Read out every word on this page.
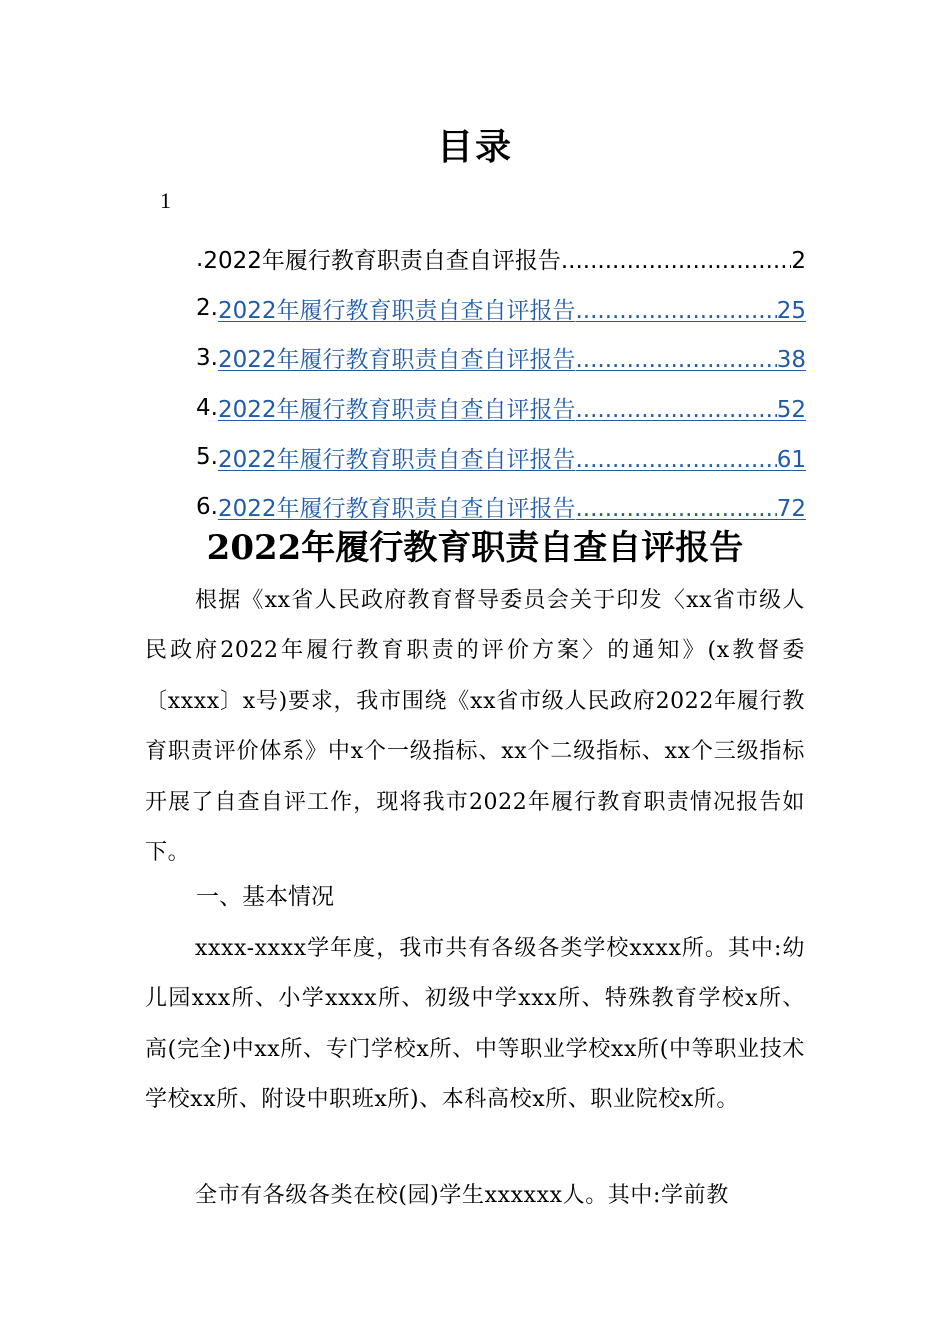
目录
1
. 2022年履行教育职责自查自评报告 .....	2
2. 2022年履行教育职责自查自评报告 .....	25
3. 2022年履行教育职责自查自评报告 .....	38
4. 2022年履行教育职责自查自评报告 .....	52
5. 2022年履行教育职责自查自评报告 .....	61
6. 2022年履行教育职责自查自评报告 .....	72
2022年履行教育职责自查自评报告

根据《xx省人民政府教育督导委员会关于印发〈xx省市级人民政府2022年履行教育职责的评价方案〉的通知》(x教督委〔xxxx〕x号)要求，我市围绕《xx省市级人民政府2022年履行教育职责评价体系》中x个一级指标、xx个二级指标、xx个三级指标开展了自查自评工作，现将我市2022年履行教育职责情况报告如下。

一、基本情况

xxxx-xxxx学年度，我市共有各级各类学校xxxx所。其中:幼儿园xxx所、小学xxxx所、初级中学xxx所、特殊教育学校x所、高(完全)中xx所、专门学校x所、中等职业学校xx所(中等职业技术学校xx所、附设中职班x所)、本科高校x所、职业院校x所。

全市有各级各类在校(园)学生xxxxxx人。其中:学前教
